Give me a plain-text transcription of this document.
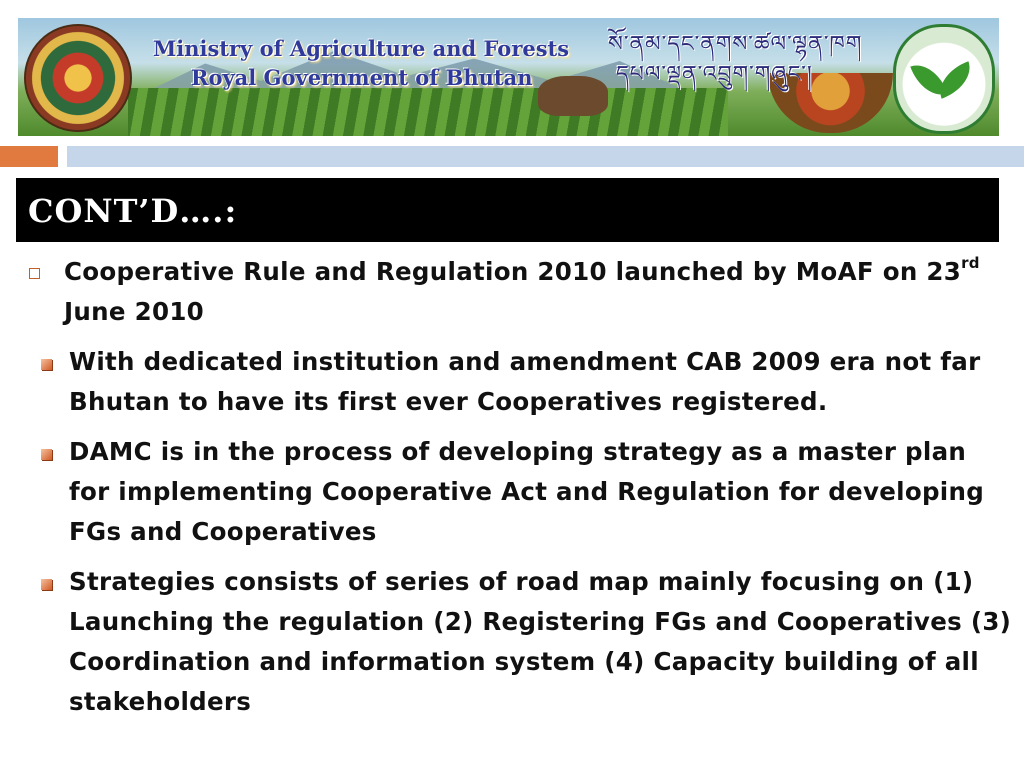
Ministry of Agriculture and Forests
Royal Government of Bhutan
སོ་ནམ་དང་ནགས་ཚལ་ལྷན་ཁག
དཔལ་ལྡན་འབྲུག་གཞུང་།
CONT’D….:
Cooperative Rule and Regulation 2010 launched by MoAF on 23rd June 2010
With dedicated institution and amendment CAB 2009 era not far Bhutan to have its first ever Cooperatives registered.
DAMC is in the process of developing strategy as a master plan for implementing Cooperative Act and Regulation for developing FGs and Cooperatives
Strategies consists of series of road map mainly focusing on (1) Launching the regulation (2) Registering FGs and Cooperatives (3) Coordination and information system (4) Capacity building of all stakeholders
